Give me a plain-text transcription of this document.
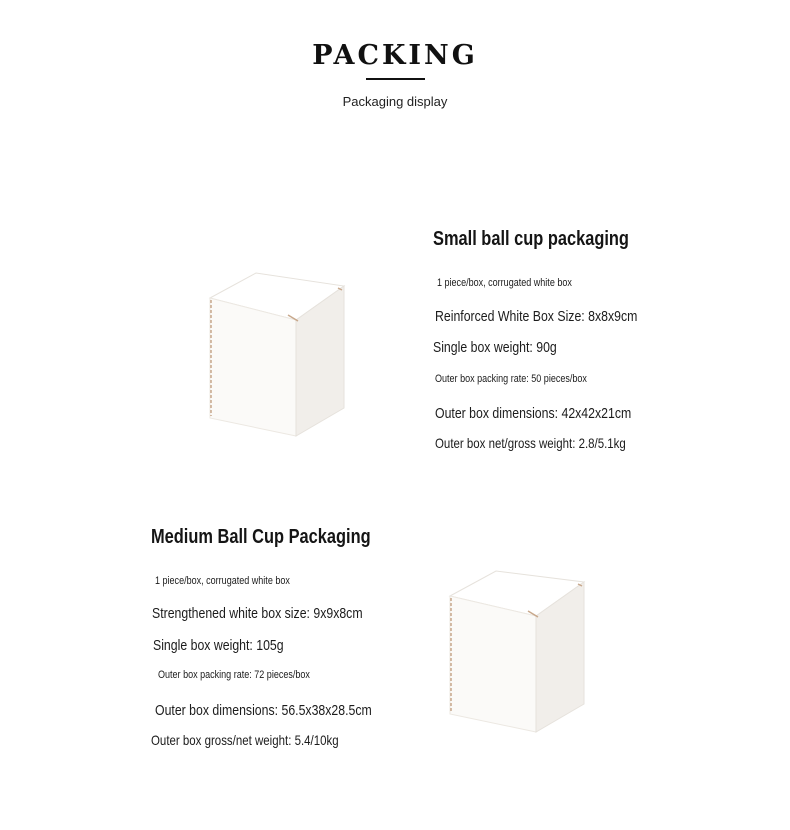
PACKING
Packaging display
Small ball cup packaging
1 piece/box, corrugated white box
Reinforced White Box Size: 8x8x9cm
Single box weight: 90g
Outer box packing rate: 50 pieces/box
Outer box dimensions: 42x42x21cm
Outer box net/gross weight: 2.8/5.1kg
Medium Ball Cup Packaging
1 piece/box, corrugated white box
Strengthened white box size: 9x9x8cm
Single box weight: 105g
Outer box packing rate: 72 pieces/box
Outer box dimensions: 56.5x38x28.5cm
Outer box gross/net weight: 5.4/10kg
